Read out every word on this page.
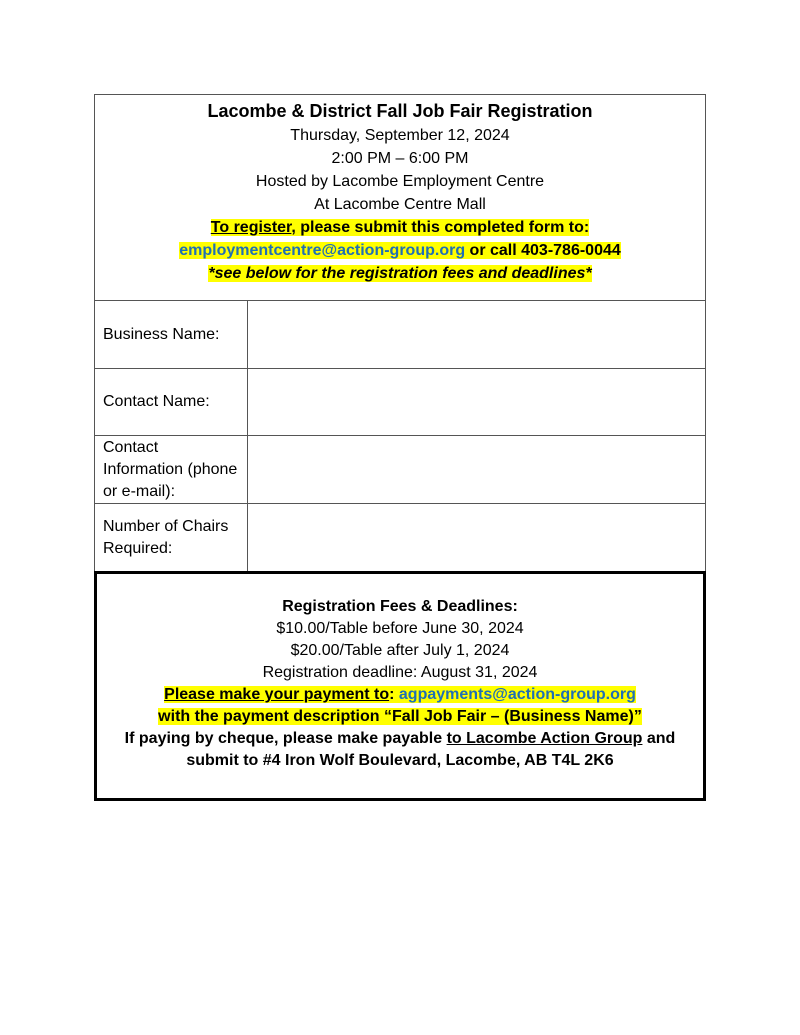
Lacombe & District Fall Job Fair Registration
Thursday, September 12, 2024
2:00 PM – 6:00 PM
Hosted by Lacombe Employment Centre
At Lacombe Centre Mall
To register, please submit this completed form to:
employmentcentre@action-group.org or call 403-786-0044
*see below for the registration fees and deadlines*
Business Name:	
Contact Name:	
Contact Information (phone or e-mail):	
Number of Chairs Required:	
Registration Fees & Deadlines:
$10.00/Table before June 30, 2024
$20.00/Table after July 1, 2024
Registration deadline: August 31, 2024
Please make your payment to: agpayments@action-group.org
with the payment description “Fall Job Fair – (Business Name)”
If paying by cheque, please make payable to Lacombe Action Group and
submit to #4 Iron Wolf Boulevard, Lacombe, AB T4L 2K6
